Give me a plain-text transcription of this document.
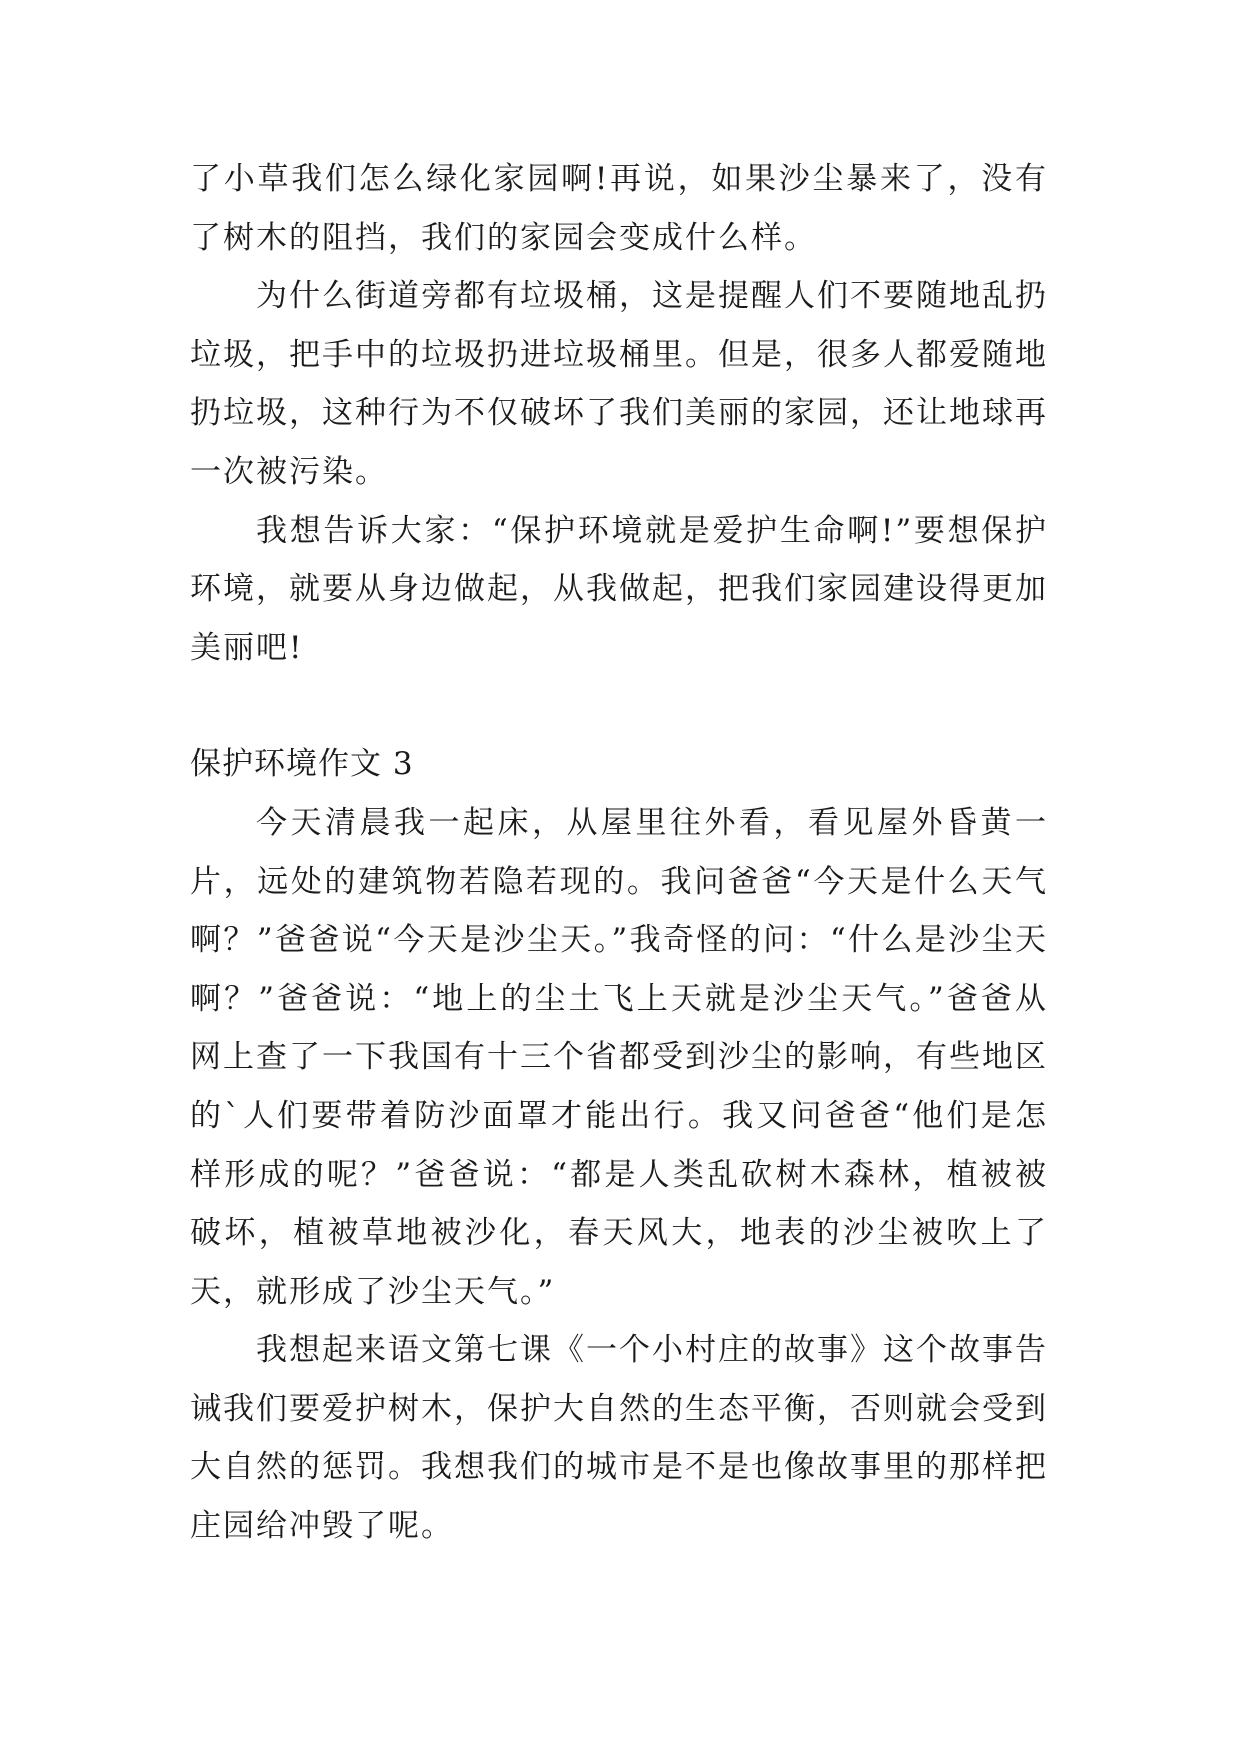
了小草我们怎么绿化家园啊!再说，如果沙尘暴来了，没有了树木的阻挡，我们的家园会变成什么样。

为什么街道旁都有垃圾桶，这是提醒人们不要随地乱扔垃圾，把手中的垃圾扔进垃圾桶里。但是，很多人都爱随地扔垃圾，这种行为不仅破坏了我们美丽的家园，还让地球再一次被污染。

我想告诉大家：“保护环境就是爱护生命啊!”要想保护环境，就要从身边做起，从我做起，把我们家园建设得更加美丽吧!

保护环境作文 3

今天清晨我一起床，从屋里往外看，看见屋外昏黄一片，远处的建筑物若隐若现的。我问爸爸“今天是什么天气啊？”爸爸说“今天是沙尘天。”我奇怪的问：“什么是沙尘天啊？”爸爸说：“地上的尘土飞上天就是沙尘天气。”爸爸从网上查了一下我国有十三个省都受到沙尘的影响，有些地区的`人们要带着防沙面罩才能出行。我又问爸爸“他们是怎样形成的呢？”爸爸说：“都是人类乱砍树木森林，植被被破坏，植被草地被沙化，春天风大，地表的沙尘被吹上了天，就形成了沙尘天气。”

我想起来语文第七课《一个小村庄的故事》这个故事告诫我们要爱护树木，保护大自然的生态平衡，否则就会受到大自然的惩罚。我想我们的城市是不是也像故事里的那样把庄园给冲毁了呢。
